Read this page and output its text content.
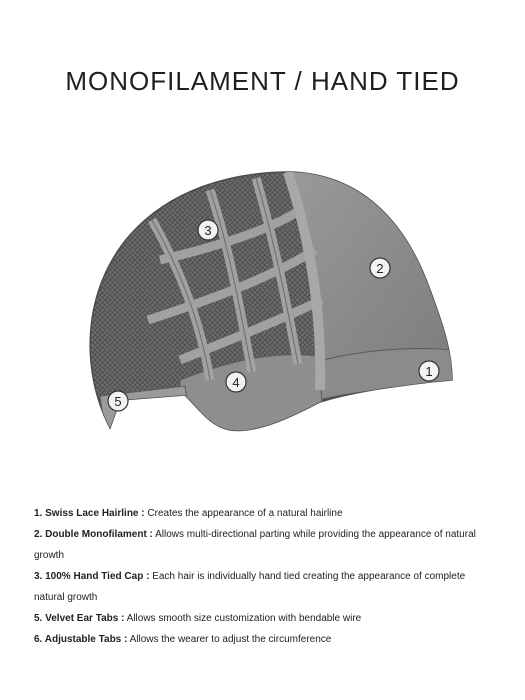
MONOFILAMENT / HAND TIED
3
2
1
4
5

1. Swiss Lace Hairline : Creates the appearance of a natural hairline

2. Double Monofilament : Allows multi-directional parting while providing the appearance of natural growth

3. 100% Hand Tied Cap : Each hair is individually hand tied creating the appearance of complete natural growth

5. Velvet Ear Tabs : Allows smooth size customization with bendable wire

6. Adjustable Tabs : Allows the wearer to adjust the circumference
